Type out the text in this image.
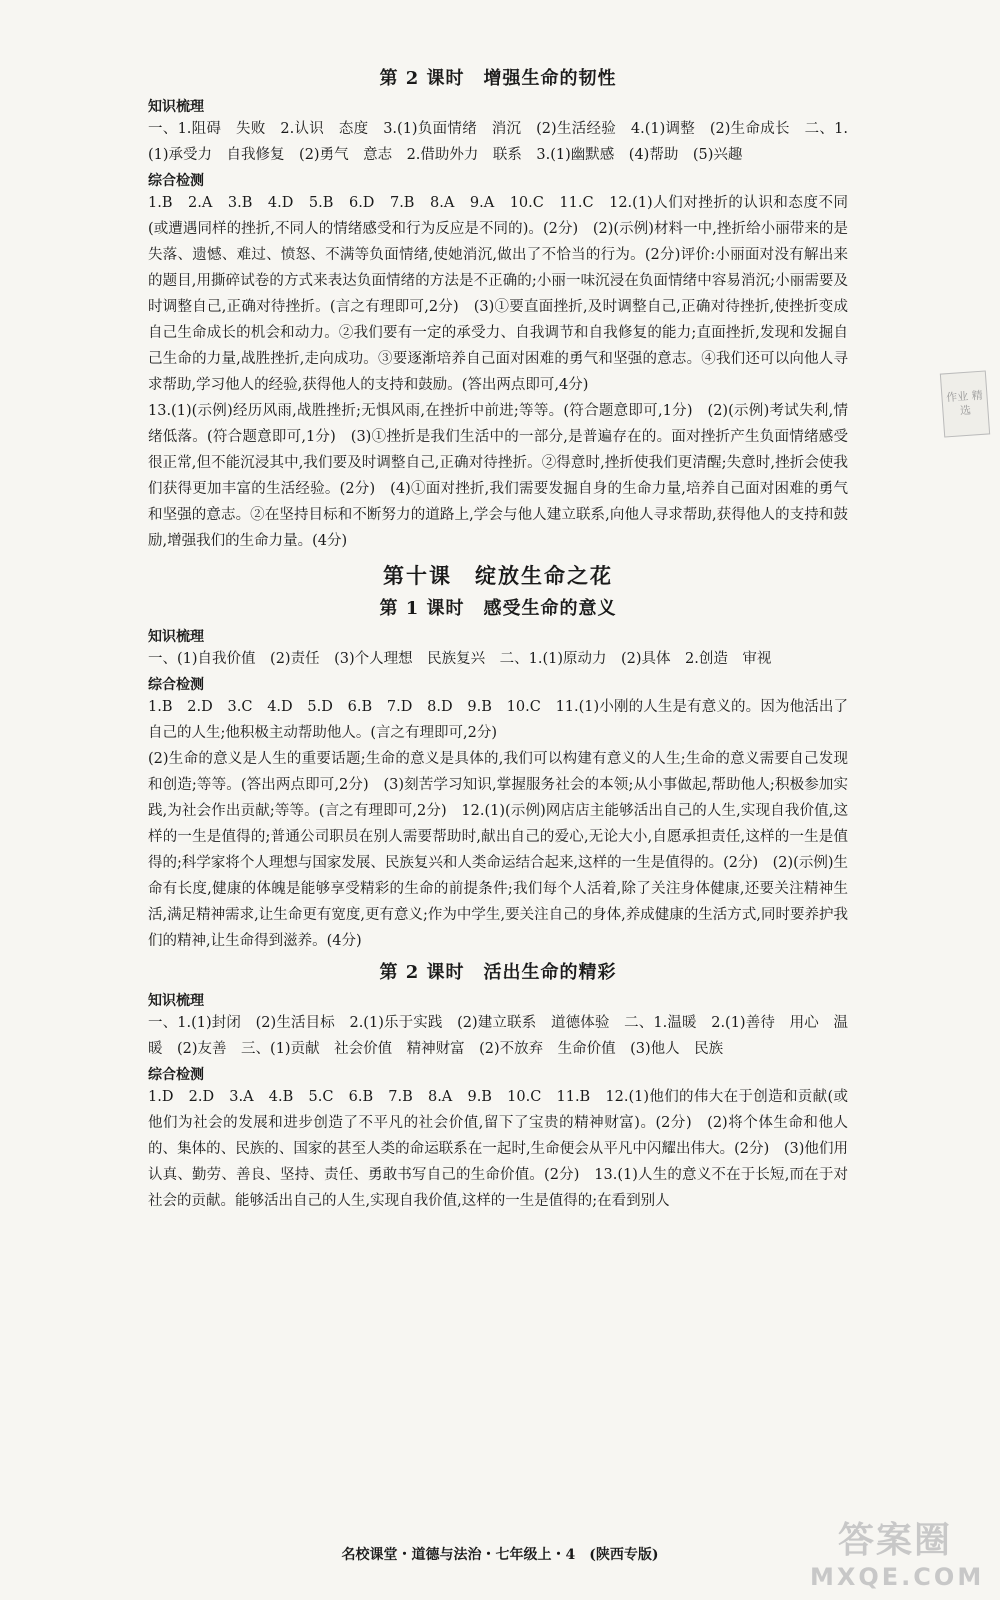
第 2 课时　增强生命的韧性
知识梳理

一、1.阻碍　失败　2.认识　态度　3.(1)负面情绪　消沉　(2)生活经验　4.(1)调整　(2)生命成长　二、1.(1)承受力　自我修复　(2)勇气　意志　2.借助外力　联系　3.(1)幽默感　(4)帮助　(5)兴趣

综合检测

1.B　2.A　3.B　4.D　5.B　6.D　7.B　8.A　9.A　10.C　11.C　12.(1)人们对挫折的认识和态度不同(或遭遇同样的挫折,不同人的情绪感受和行为反应是不同的)。(2分)　(2)(示例)材料一中,挫折给小丽带来的是失落、遗憾、难过、愤怒、不满等负面情绪,使她消沉,做出了不恰当的行为。(2分)评价:小丽面对没有解出来的题目,用撕碎试卷的方式来表达负面情绪的方法是不正确的;小丽一味沉浸在负面情绪中容易消沉;小丽需要及时调整自己,正确对待挫折。(言之有理即可,2分)　(3)①要直面挫折,及时调整自己,正确对待挫折,使挫折变成自己生命成长的机会和动力。②我们要有一定的承受力、自我调节和自我修复的能力;直面挫折,发现和发掘自己生命的力量,战胜挫折,走向成功。③要逐渐培养自己面对困难的勇气和坚强的意志。④我们还可以向他人寻求帮助,学习他人的经验,获得他人的支持和鼓励。(答出两点即可,4分)

13.(1)(示例)经历风雨,战胜挫折;无惧风雨,在挫折中前进;等等。(符合题意即可,1分)　(2)(示例)考试失利,情绪低落。(符合题意即可,1分)　(3)①挫折是我们生活中的一部分,是普遍存在的。面对挫折产生负面情绪感受很正常,但不能沉浸其中,我们要及时调整自己,正确对待挫折。②得意时,挫折使我们更清醒;失意时,挫折会使我们获得更加丰富的生活经验。(2分)　(4)①面对挫折,我们需要发掘自身的生命力量,培养自己面对困难的勇气和坚强的意志。②在坚持目标和不断努力的道路上,学会与他人建立联系,向他人寻求帮助,获得他人的支持和鼓励,增强我们的生命力量。(4分)

第十课　绽放生命之花
第 1 课时　感受生命的意义
知识梳理

一、(1)自我价值　(2)责任　(3)个人理想　民族复兴　二、1.(1)原动力　(2)具体　2.创造　审视

综合检测

1.B　2.D　3.C　4.D　5.D　6.B　7.D　8.D　9.B　10.C　11.(1)小刚的人生是有意义的。因为他活出了自己的人生;他积极主动帮助他人。(言之有理即可,2分)

(2)生命的意义是人生的重要话题;生命的意义是具体的,我们可以构建有意义的人生;生命的意义需要自己发现和创造;等等。(答出两点即可,2分)　(3)刻苦学习知识,掌握服务社会的本领;从小事做起,帮助他人;积极参加实践,为社会作出贡献;等等。(言之有理即可,2分)　12.(1)(示例)网店店主能够活出自己的人生,实现自我价值,这样的一生是值得的;普通公司职员在别人需要帮助时,献出自己的爱心,无论大小,自愿承担责任,这样的一生是值得的;科学家将个人理想与国家发展、民族复兴和人类命运结合起来,这样的一生是值得的。(2分)　(2)(示例)生命有长度,健康的体魄是能够享受精彩的生命的前提条件;我们每个人活着,除了关注身体健康,还要关注精神生活,满足精神需求,让生命更有宽度,更有意义;作为中学生,要关注自己的身体,养成健康的生活方式,同时要养护我们的精神,让生命得到滋养。(4分)

第 2 课时　活出生命的精彩
知识梳理

一、1.(1)封闭　(2)生活目标　2.(1)乐于实践　(2)建立联系　道德体验　二、1.温暖　2.(1)善待　用心　温暖　(2)友善　三、(1)贡献　社会价值　精神财富　(2)不放弃　生命价值　(3)他人　民族

综合检测

1.D　2.D　3.A　4.B　5.C　6.B　7.B　8.A　9.B　10.C　11.B　12.(1)他们的伟大在于创造和贡献(或他们为社会的发展和进步创造了不平凡的社会价值,留下了宝贵的精神财富)。(2分)　(2)将个体生命和他人的、集体的、民族的、国家的甚至人类的命运联系在一起时,生命便会从平凡中闪耀出伟大。(2分)　(3)他们用认真、勤劳、善良、坚持、责任、勇敢书写自己的生命价值。(2分)　13.(1)人生的意义不在于长短,而在于对社会的贡献。能够活出自己的人生,实现自我价值,这样的一生是值得的;在看到别人

作业 精选
名校课堂・道德与法治・七年级上・4　(陕西专版)	答案圈
MXQE.COM
